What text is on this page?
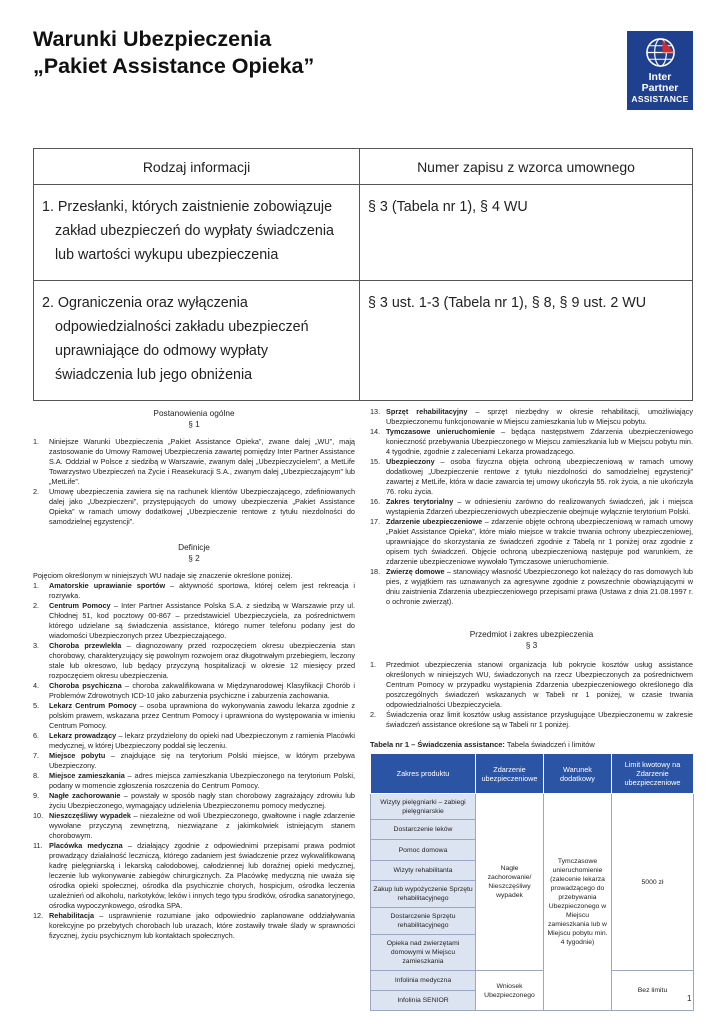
Warunki Ubezpieczenia
„Pakiet Assistance Opieka”	Inter
Partner
ASSISTANCE
Rodzaj informacji	Numer zapisu z wzorca umownego

1. Przesłanki, których zaistnienie zobowiązuje
zakład ubezpieczeń do wypłaty świadczenia
lub wartości wykupu ubezpieczenia	§ 3 (Tabela nr 1), § 4 WU

2. Ograniczenia oraz wyłączenia
odpowiedzialności zakładu ubezpieczeń
uprawniające do odmowy wypłaty
świadczenia lub jego obniżenia	§ 3 ust. 1-3 (Tabela nr 1), § 8, § 9 ust. 2 WU
Postanowienia ogólne
§ 1
1. Niniejsze Warunki Ubezpieczenia „Pakiet Assistance Opieka”, zwane dalej „WU”, mają zastosowanie do Umowy Ramowej Ubezpieczenia zawartej pomiędzy Inter Partner Assistance S.A. Oddział w Polsce z siedzibą w Warszawie, zwanym dalej „Ubezpieczycielem”, a MetLife Towarzystwo Ubezpieczeń na Życie i Reasekuracji S.A., zwanym dalej „Ubezpieczającym” lub „MetLife”.
2. Umowę ubezpieczenia zawiera się na rachunek klientów Ubezpieczającego, zdefiniowanych dalej jako „Ubezpieczeni”, przystępujących do umowy ubezpieczenia „Pakiet Assistance Opieka” w ramach umowy dodatkowej „Ubezpieczenie rentowe z tytułu niezdolności do samodzielnej egzystencji”.
Definicje
§ 2
Pojęciom określonym w niniejszych WU nadaje się znaczenie określone poniżej.
1. Amatorskie uprawianie sportów – aktywność sportowa, której celem jest rekreacja i rozrywka.
2. Centrum Pomocy – Inter Partner Assistance Polska S.A. z siedzibą w Warszawie przy ul. Chłodnej 51, kod pocztowy 00-867 – przedstawiciel Ubezpieczyciela, za pośrednictwem którego udzielane są świadczenia assistance, którego numer telefonu podany jest do wiadomości Ubezpieczonych przez Ubezpieczającego.
3. Choroba przewlekła – diagnozowany przed rozpoczęciem okresu ubezpieczenia stan chorobowy, charakteryzujący się powolnym rozwojem oraz długotrwałym przebiegiem, leczony stale lub okresowo, lub będący przyczyną hospitalizacji w okresie 12 miesięcy przed rozpoczęciem okresu ubezpieczenia.
4. Choroba psychiczna – choroba zakwalifikowana w Międzynarodowej Klasyfikacji Chorób i Problemów Zdrowotnych ICD-10 jako zaburzenia psychiczne i zaburzenia zachowania.
5. Lekarz Centrum Pomocy – osoba uprawniona do wykonywania zawodu lekarza zgodnie z polskim prawem, wskazana przez Centrum Pomocy i uprawniona do występowania w imieniu Centrum Pomocy.
6. Lekarz prowadzący – lekarz przydzielony do opieki nad Ubezpieczonym z ramienia Placówki medycznej, w której Ubezpieczony poddał się leczeniu.
7. Miejsce pobytu – znajdujące się na terytorium Polski miejsce, w którym przebywa Ubezpieczony.
8. Miejsce zamieszkania – adres miejsca zamieszkania Ubezpieczonego na terytorium Polski, podany w momencie zgłoszenia roszczenia do Centrum Pomocy.
9. Nagłe zachorowanie – powstały w sposób nagły stan chorobowy zagrażający zdrowiu lub życiu Ubezpieczonego, wymagający udzielenia Ubezpieczonemu pomocy medycznej.
10. Nieszczęśliwy wypadek – niezależne od woli Ubezpieczonego, gwałtowne i nagłe zdarzenie wywołane przyczyną zewnętrzną, niezwiązane z jakimkolwiek istniejącym stanem chorobowym.
11. Placówka medyczna – działający zgodnie z odpowiednimi przepisami prawa podmiot prowadzący działalność leczniczą, którego zadaniem jest świadczenie przez wykwalifikowaną kadrę pielęgniarską i lekarską całodobowej, całodziennej lub doraźnej opieki medycznej, leczenie lub wykonywanie zabiegów chirurgicznych. Za Placówkę medyczną nie uważa się ośrodka opieki społecznej, ośrodka dla psychicznie chorych, hospicjum, ośrodka leczenia uzależnień od alkoholu, narkotyków, leków i innych tego typu środków, ośrodka sanatoryjnego, ośrodka wypoczynkowego, ośrodka SPA.
12. Rehabilitacja – usprawnienie rozumiane jako odpowiednio zaplanowane oddziaływania korekcyjne po przebytych chorobach lub urazach, które zostawiły trwałe ślady w sprawności fizycznej, życiu psychicznym lub kontaktach społecznych.
13. Sprzęt rehabilitacyjny – sprzęt niezbędny w okresie rehabilitacji, umożliwiający Ubezpieczonemu funkcjonowanie w Miejscu zamieszkania lub w Miejscu pobytu.
14. Tymczasowe unieruchomienie – będąca następstwem Zdarzenia ubezpieczeniowego konieczność przebywania Ubezpieczonego w Miejscu zamieszkania lub w Miejscu pobytu min. 4 tygodnie, zgodnie z zaleceniami Lekarza prowadzącego.
15. Ubezpieczony – osoba fizyczna objęta ochroną ubezpieczeniową w ramach umowy dodatkowej „Ubezpieczenie rentowe z tytułu niezdolności do samodzielnej egzystencji” zawartej z MetLife, która w dacie zawarcia tej umowy ukończyła 55. rok życia, a nie ukończyła 76. roku życia.
16. Zakres terytorialny – w odniesieniu zarówno do realizowanych świadczeń, jak i miejsca wystąpienia Zdarzeń ubezpieczeniowych ubezpieczenie obejmuje wyłącznie terytorium Polski.
17. Zdarzenie ubezpieczeniowe – zdarzenie objęte ochroną ubezpieczeniową w ramach umowy „Pakiet Assistance Opieka”, które miało miejsce w trakcie trwania ochrony ubezpieczeniowej, uprawniające do skorzystania ze świadczeń zgodnie z Tabelą nr 1 poniżej oraz zgodnie z opisem tych świadczeń. Objęcie ochroną ubezpieczeniową następuje pod warunkiem, że zdarzenie ubezpieczeniowe wywołało Tymczasowe unieruchomienie.
18. Zwierzę domowe – stanowiący własność Ubezpieczonego kot należący do ras domowych lub pies, z wyjątkiem ras uznawanych za agresywne zgodnie z powszechnie obowiązującymi w dniu zaistnienia Zdarzenia ubezpieczeniowego przepisami prawa (Ustawa z dnia 21.08.1997 r. o ochronie zwierząt).
Przedmiot i zakres ubezpieczenia
§ 3
1. Przedmiot ubezpieczenia stanowi organizacja lub pokrycie kosztów usług assistance określonych w niniejszych WU, świadczonych na rzecz Ubezpieczonych za pośrednictwem Centrum Pomocy w przypadku wystąpienia Zdarzenia ubezpieczeniowego określonego dla poszczególnych świadczeń wskazanych w Tabeli nr 1 poniżej, w czasie trwania odpowiedzialności Ubezpieczyciela.
2. Świadczenia oraz limit kosztów usług assistance przysługujące Ubezpieczonemu w zakresie świadczeń assistance określone są w Tabeli nr 1 poniżej.
Tabela nr 1 – Świadczenia assistance: Tabela świadczeń i limitów
Zakres produktu	Zdarzenie ubezpieczeniowe	Warunek dodatkowy	Limit kwotowy na Zdarzenie ubezpieczeniowe
Wizyty pielęgniarki – zabiegi pielęgniarskie	Nagłe zachorowanie/ Nieszczęśliwy wypadek	Tymczasowe unieruchomienie (zalecenie lekarza prowadzącego do przebywania Ubezpieczonego w Miejscu zamieszkania lub w Miejscu pobytu min. 4 tygodnie)	5000 zł
Dostarczenie leków			
Pomoc domowa			
Wizyty rehabilitanta			
Zakup lub wypożyczenie Sprzętu rehabilitacyjnego			
Dostarczenie Sprzętu rehabilitacyjnego			
Opieka nad zwierzętami domowymi w Miejscu zamieszkania			
Infolinia medyczna	Wniosek Ubezpieczonego		Bez limitu
Infolinia SENIOR				1
